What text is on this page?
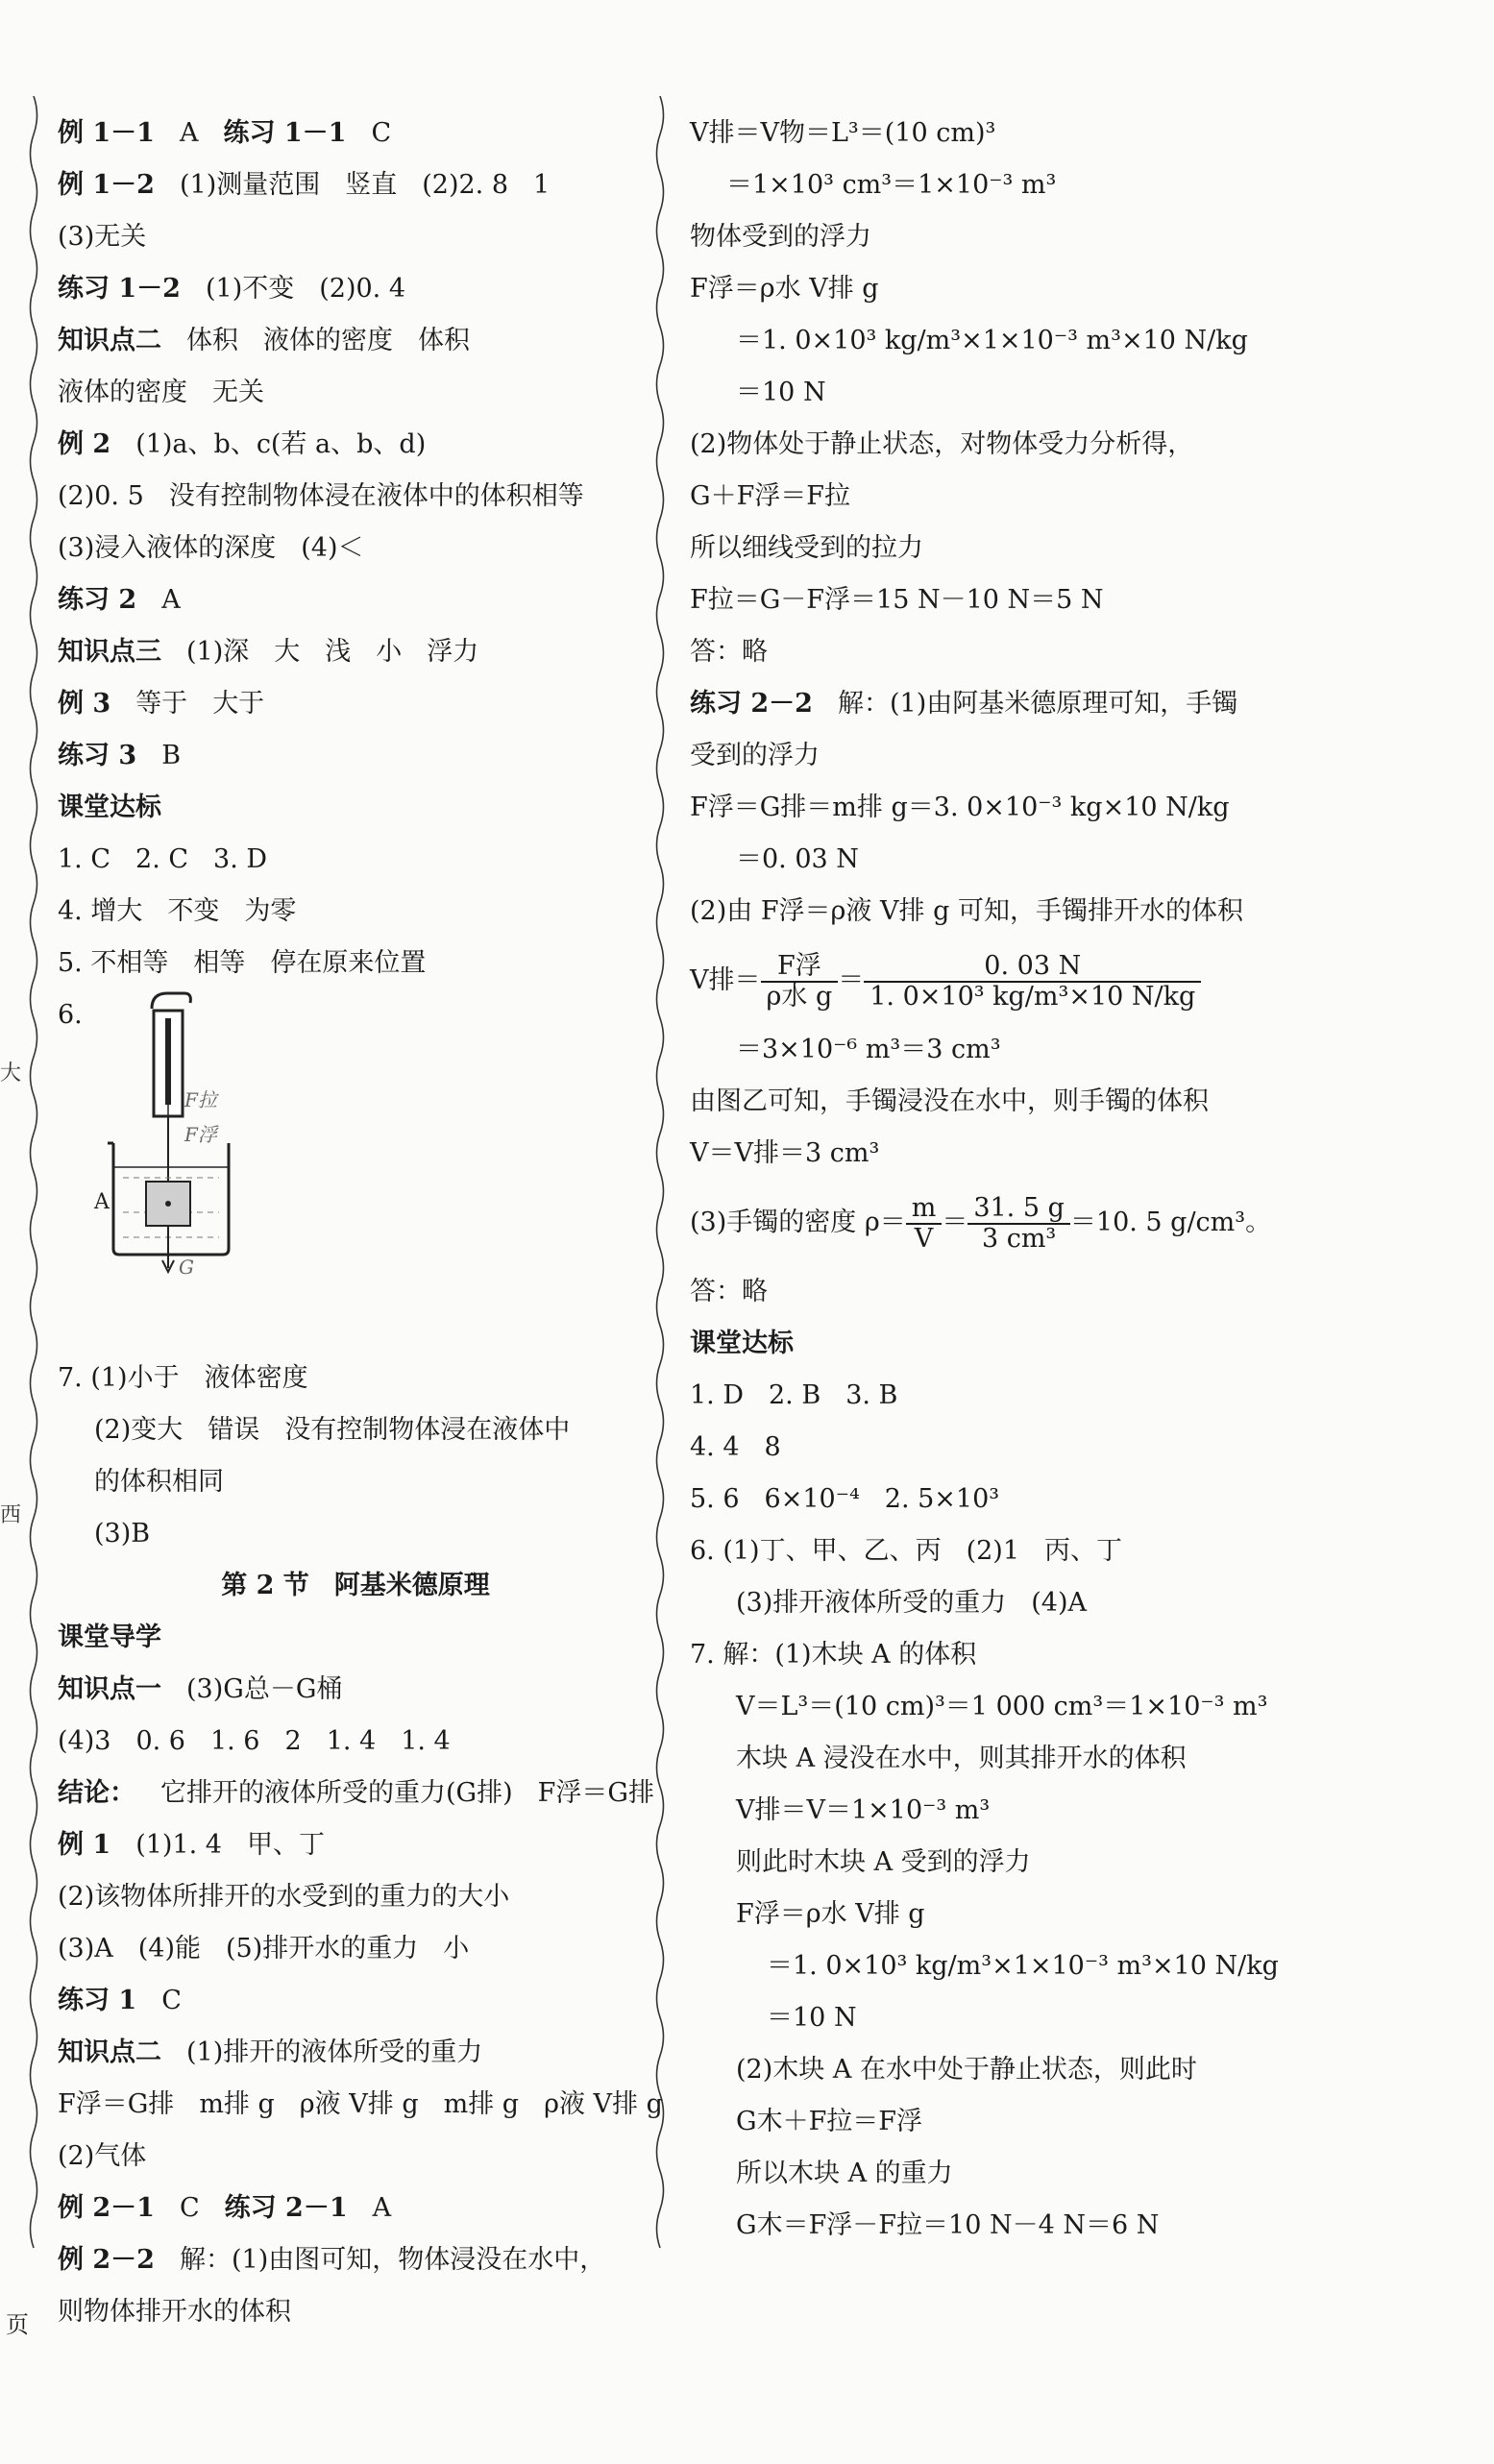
大
西
页
例 1－1 A 练习 1－1 C
例 1－2 (1)测量范围 竖直 (2)2. 8 1
(3)无关
练习 1－2 (1)不变 (2)0. 4
知识点二 体积 液体的密度 体积
液体的密度 无关
例 2 (1)a、b、c(若 a、b、d)
(2)0. 5 没有控制物体浸在液体中的体积相等
(3)浸入液体的深度 (4)＜
练习 2 A
知识点三 (1)深 大 浅 小 浮力
例 3 等于 大于
练习 3 B
课堂达标
1. C 2. C 3. D
4. 增大 不变 为零
5. 不相等 相等 停在原来位置
6.
7. (1)小于 液体密度
(2)变大 错误 没有控制物体浸在液体中
的体积相同
(3)B
第 2 节 阿基米德原理
课堂导学
知识点一 (3)G总－G桶
(4)3 0. 6 1. 6 2 1. 4 1. 4
结论： 它排开的液体所受的重力(G排) F浮＝G排
例 1 (1)1. 4 甲、丁
(2)该物体所排开的水受到的重力的大小
(3)A (4)能 (5)排开水的重力 小
练习 1 C
知识点二 (1)排开的液体所受的重力
F浮＝G排 m排 g ρ液 V排 g m排 g ρ液 V排 g
(2)气体
例 2－1 C 练习 2－1 A
例 2－2 解：(1)由图可知，物体浸没在水中，
则物体排开水的体积
F拉
F浮
A
G
V排＝V物＝L³＝(10 cm)³
＝1×10³ cm³＝1×10⁻³ m³
物体受到的浮力
F浮＝ρ水 V排 g
＝1. 0×10³ kg/m³×1×10⁻³ m³×10 N/kg
＝10 N
(2)物体处于静止状态，对物体受力分析得，
G＋F浮＝F拉
所以细线受到的拉力
F拉＝G－F浮＝15 N－10 N＝5 N
答：略
练习 2－2 解：(1)由阿基米德原理可知，手镯
受到的浮力
F浮＝G排＝m排 g＝3. 0×10⁻³ kg×10 N/kg
＝0. 03 N
(2)由 F浮＝ρ液 V排 g 可知，手镯排开水的体积
V排＝ $\frac{\text{F浮}}{\text{ρ水 g}} = \frac{0. 03 N}{\text{1. 0×10³ kg/m³×10 N/kg}}$
＝3×10⁻⁶ m³＝3 cm³
由图乙可知，手镯浸没在水中，则手镯的体积
V＝V排＝3 cm³
(3)手镯的密度 $\rho= \frac{m}{V} = \frac{31. 5 g}{\text{3 cm³}} =10$. 5 g/cm³。
答：略
课堂达标
1. D 2. B 3. B
4. 4 8
5. 6 6×10⁻⁴ 2. 5×10³
6. (1)丁、甲、乙、丙 (2)1 丙、丁
(3)排开液体所受的重力 (4)A
7. 解：(1)木块 A 的体积
V＝L³＝(10 cm)³＝1 000 cm³＝1×10⁻³ m³
木块 A 浸没在水中，则其排开水的体积
V排＝V＝1×10⁻³ m³
则此时木块 A 受到的浮力
F浮＝ρ水 V排 g
＝1. 0×10³ kg/m³×1×10⁻³ m³×10 N/kg
＝10 N
(2)木块 A 在水中处于静止状态，则此时
G木＋F拉＝F浮
所以木块 A 的重力
G木＝F浮－F拉＝10 N－4 N＝6 N
